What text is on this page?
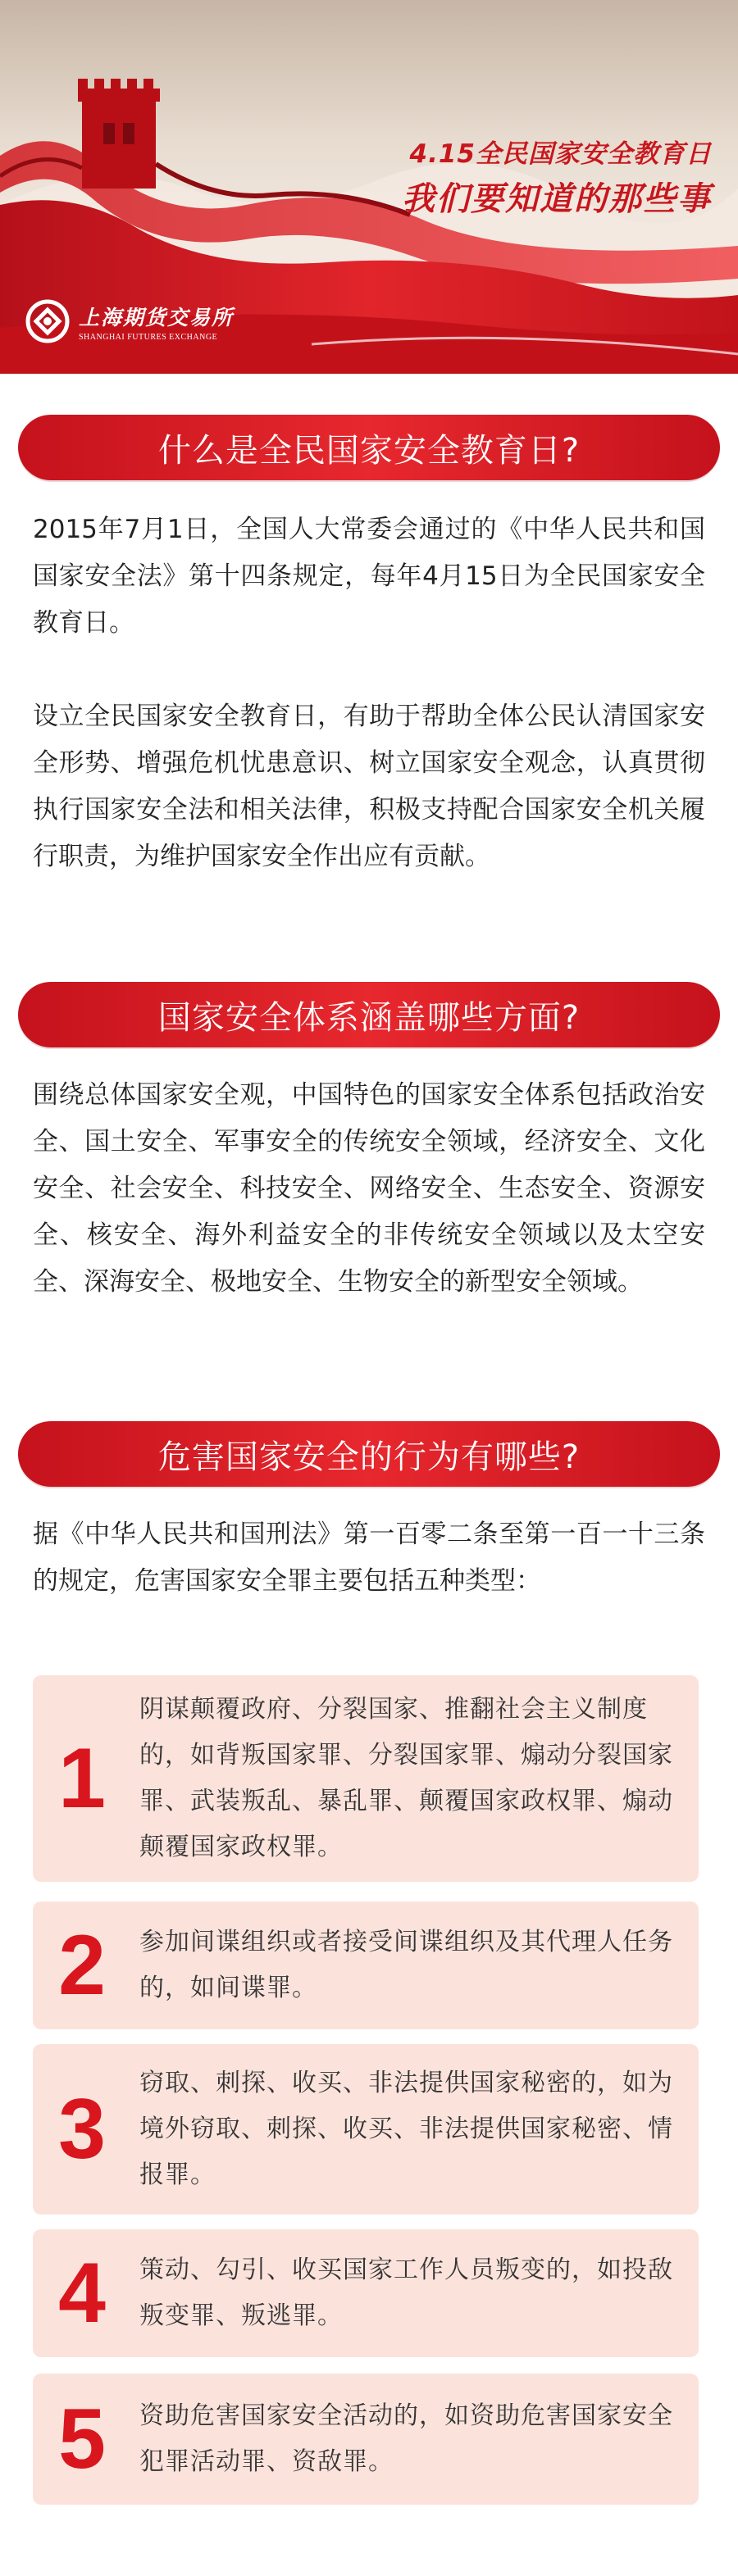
4.15全民国家安全教育日
我们要知道的那些事
上海期货交易所
SHANGHAI FUTURES EXCHANGE
什么是全民国家安全教育日?

2015年7月1日，全国人大常委会通过的《中华人民共和国国家安全法》第十四条规定，每年4月15日为全民国家安全教育日。

设立全民国家安全教育日，有助于帮助全体公民认清国家安全形势、增强危机忧患意识、树立国家安全观念，认真贯彻执行国家安全法和相关法律，积极支持配合国家安全机关履行职责，为维护国家安全作出应有贡献。

国家安全体系涵盖哪些方面?

围绕总体国家安全观，中国特色的国家安全体系包括政治安全、国土安全、军事安全的传统安全领域，经济安全、文化安全、社会安全、科技安全、网络安全、生态安全、资源安全、核安全、海外利益安全的非传统安全领域以及太空安全、深海安全、极地安全、生物安全的新型安全领域。

危害国家安全的行为有哪些?

据《中华人民共和国刑法》第一百零二条至第一百一十三条的规定，危害国家安全罪主要包括五种类型：

1
阴谋颠覆政府、分裂国家、推翻社会主义制度的，如背叛国家罪、分裂国家罪、煽动分裂国家罪、武装叛乱、暴乱罪、颠覆国家政权罪、煽动颠覆国家政权罪。
2	参加间谍组织或者接受间谍组织及其代理人任务的，如间谍罪。
3	窃取、刺探、收买、非法提供国家秘密的，如为境外窃取、刺探、收买、非法提供国家秘密、情报罪。
4	策动、勾引、收买国家工作人员叛变的，如投敌叛变罪、叛逃罪。
5	资助危害国家安全活动的，如资助危害国家安全犯罪活动罪、资敌罪。
